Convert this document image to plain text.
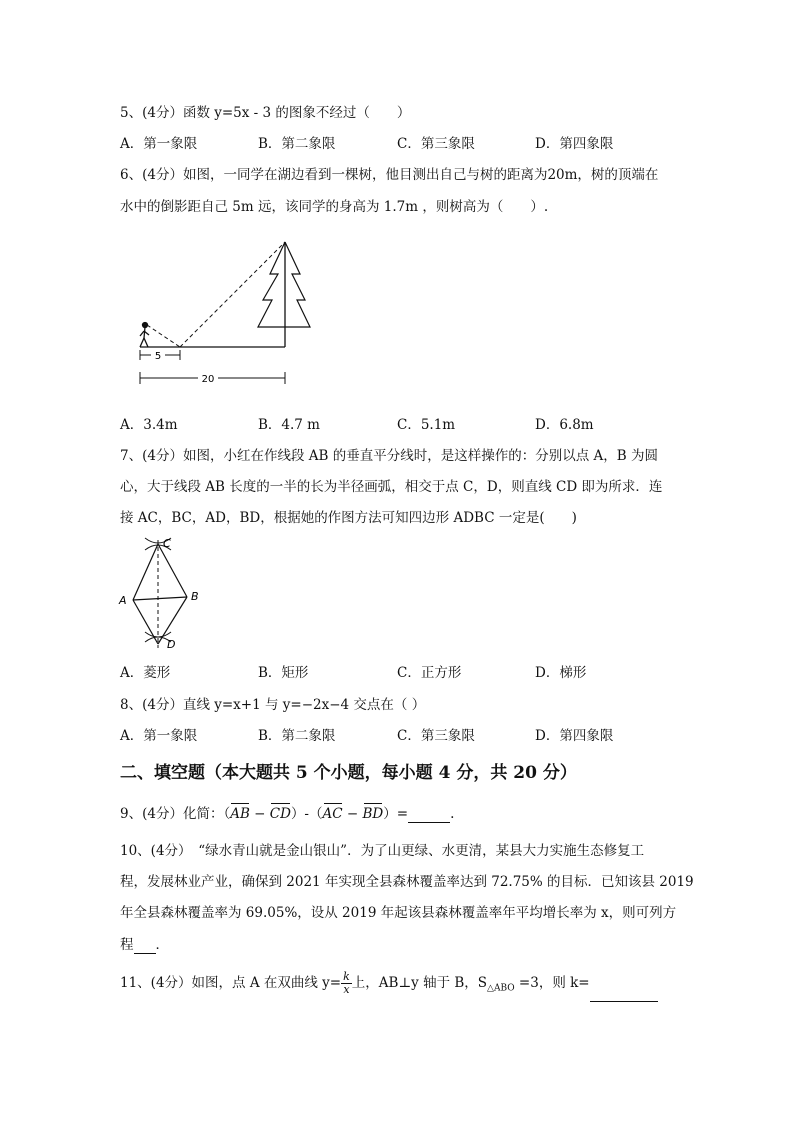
5、(4分）函数 y=5x - 3 的图象不经过（　　）
A．第一象限	B．第二象限	C．第三象限	D．第四象限
6、(4分）如图，一同学在湖边看到一棵树，他目测出自己与树的距离为20m，树的顶端在
水中的倒影距自己 5m 远，该同学的身高为 1.7m ，则树高为（　　）.
5
20
A．3.4m	B．4.7 m	C．5.1m	D．6.8m
7、(4分）如图，小红在作线段 AB 的垂直平分线时，是这样操作的：分别以点 A，B 为圆
心，大于线段 AB 长度的一半的长为半径画弧，相交于点 C，D，则直线 CD 即为所求．连
接 AC，BC，AD，BD，根据她的作图方法可知四边形 ADBC 一定是(　　)
C
A	B
D
A．菱形	B．矩形	C．正方形	D．梯形
8、(4分）直线 y=x+1 与 y=−2x−4 交点在（ ）
A．第一象限	B．第二象限	C．第三象限	D．第四象限
二、填空题（本大题共 5 个小题，每小题 4 分，共 20 分）
9、(4分）化简：（AB − CD）-（AC − BD）=	.
10、(4分）　“绿水青山就是金山银山”．为了山更绿、水更清，某县大力实施生态修复工
程，发展林业产业，确保到 2021 年实现全县森林覆盖率达到 72.75% 的目标．已知该县 2019
年全县森林覆盖率为 69.05%，设从 2019 年起该县森林覆盖率年平均增长率为 x，则可列方
程 ．
11、(4分）如图，点 A 在双曲线 $y= \frac{k}{x}$ 上，AB⊥y 轴于 B，$S_{\triangle ABO} =3$，则 k=
